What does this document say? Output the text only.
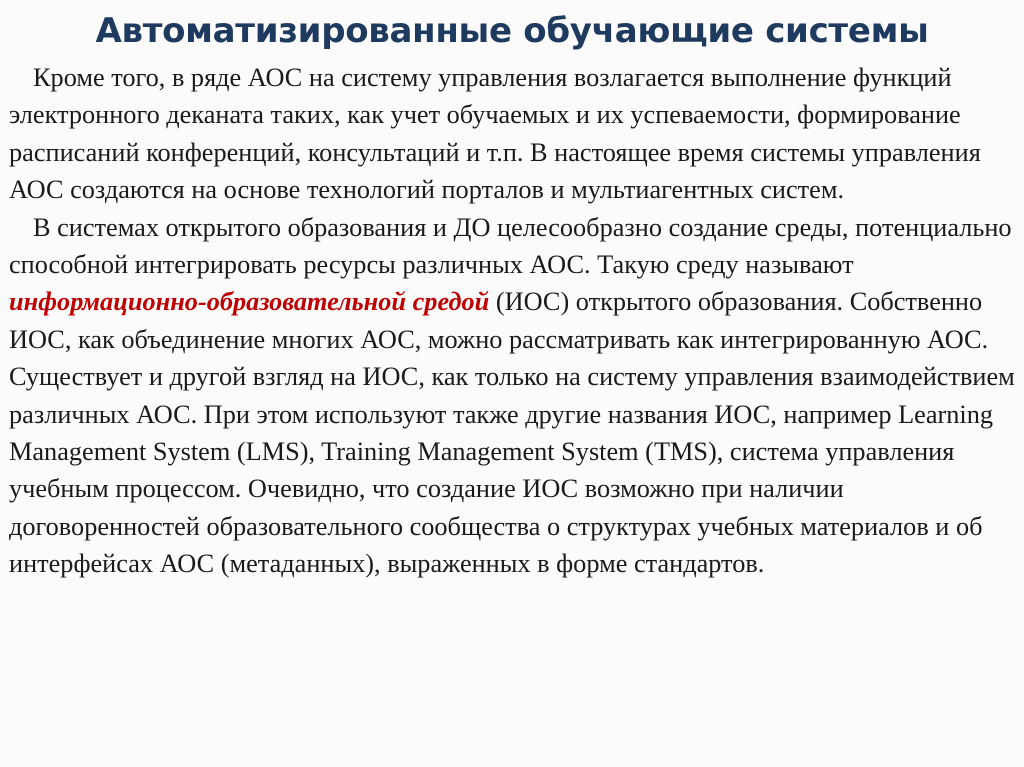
Автоматизированные обучающие системы

Кроме того, в ряде АОС на систему управления возлагается выполнение функций электронного деканата таких, как учет обучаемых и их успеваемости, формирование расписаний конференций, консультаций и т.п. В настоящее время системы управления АОС создаются на основе технологий порталов и мультиагентных систем.

В системах открытого образования и ДО целесообразно создание среды, потенциально способной интегрировать ресурсы различных АОС. Такую среду называют информационно-образовательной средой (ИОС) открытого образования. Собственно ИОС, как объединение многих АОС, можно рассматривать как интегрированную АОС. Существует и другой взгляд на ИОС, как только на систему управления взаимодействием различных АОС. При этом используют также другие названия ИОС, например Learning Management System (LMS), Training Management System (TMS), система управления учебным процессом. Очевидно, что создание ИОС возможно при наличии договоренностей образовательного сообщества о структурах учебных материалов и об интерфейсах АОС (метаданных), выраженных в форме стандартов.
